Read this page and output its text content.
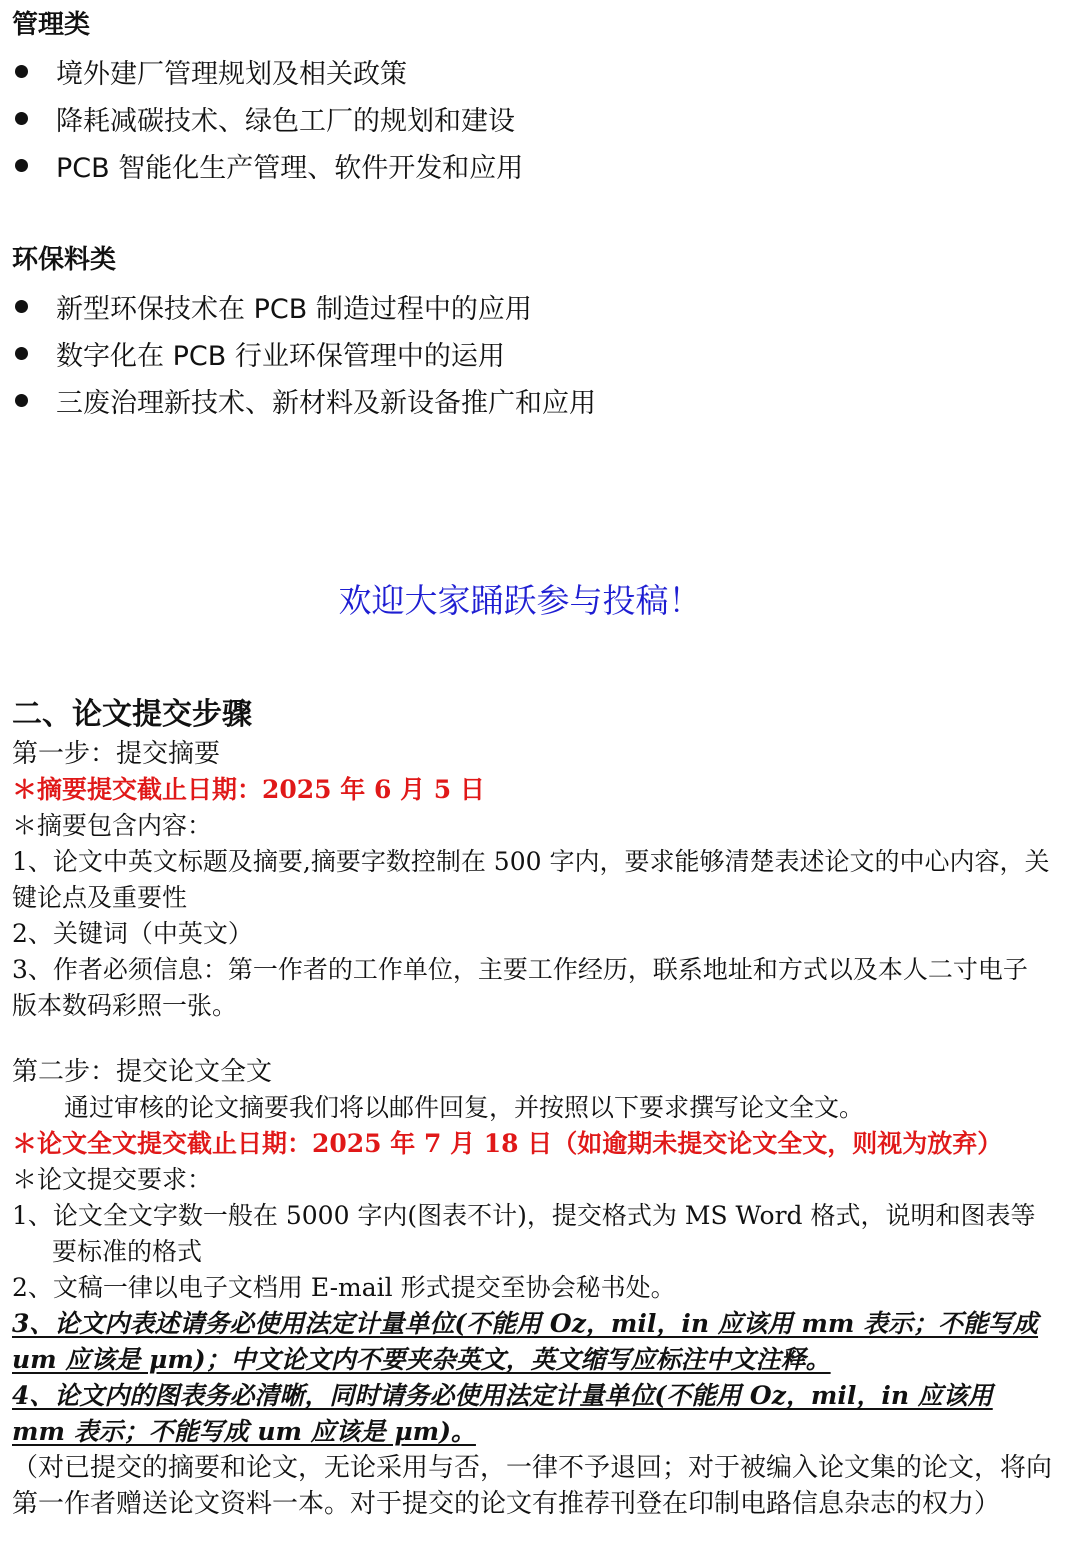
管理类
境外建厂管理规划及相关政策
降耗减碳技术、绿色工厂的规划和建设
PCB 智能化生产管理、软件开发和应用
环保料类
新型环保技术在 PCB 制造过程中的应用
数字化在 PCB 行业环保管理中的运用
三废治理新技术、新材料及新设备推广和应用

欢迎大家踊跃参与投稿！

二、论文提交步骤

第一步：提交摘要

＊摘要提交截止日期：2025 年 6 月 5 日

＊摘要包含内容：

1、论文中英文标题及摘要,摘要字数控制在 500 字内，要求能够清楚表述论文的中心内容，关键论点及重要性

2、关键词（中英文）

3、作者必须信息：第一作者的工作单位，主要工作经历，联系地址和方式以及本人二寸电子版本数码彩照一张。

第二步：提交论文全文

通过审核的论文摘要我们将以邮件回复，并按照以下要求撰写论文全文。

＊论文全文提交截止日期：2025 年 7 月 18 日（如逾期未提交论文全文，则视为放弃）

＊论文提交要求：

1、论文全文字数一般在 5000 字内(图表不计)，提交格式为 MS Word 格式，说明和图表等要标准的格式

2、文稿一律以电子文档用 E-mail 形式提交至协会秘书处。

3、论文内表述请务必使用法定计量单位(不能用 Oz，mil，in 应该用 mm 表示；不能写成 um 应该是 μm)；中文论文内不要夹杂英文，英文缩写应标注中文注释。

4、论文内的图表务必清晰，同时请务必使用法定计量单位(不能用 Oz，mil，in 应该用 mm 表示；不能写成 um 应该是 μm)。

（对已提交的摘要和论文，无论采用与否，一律不予退回；对于被编入论文集的论文，将向第一作者赠送论文资料一本。对于提交的论文有推荐刊登在印制电路信息杂志的权力）
